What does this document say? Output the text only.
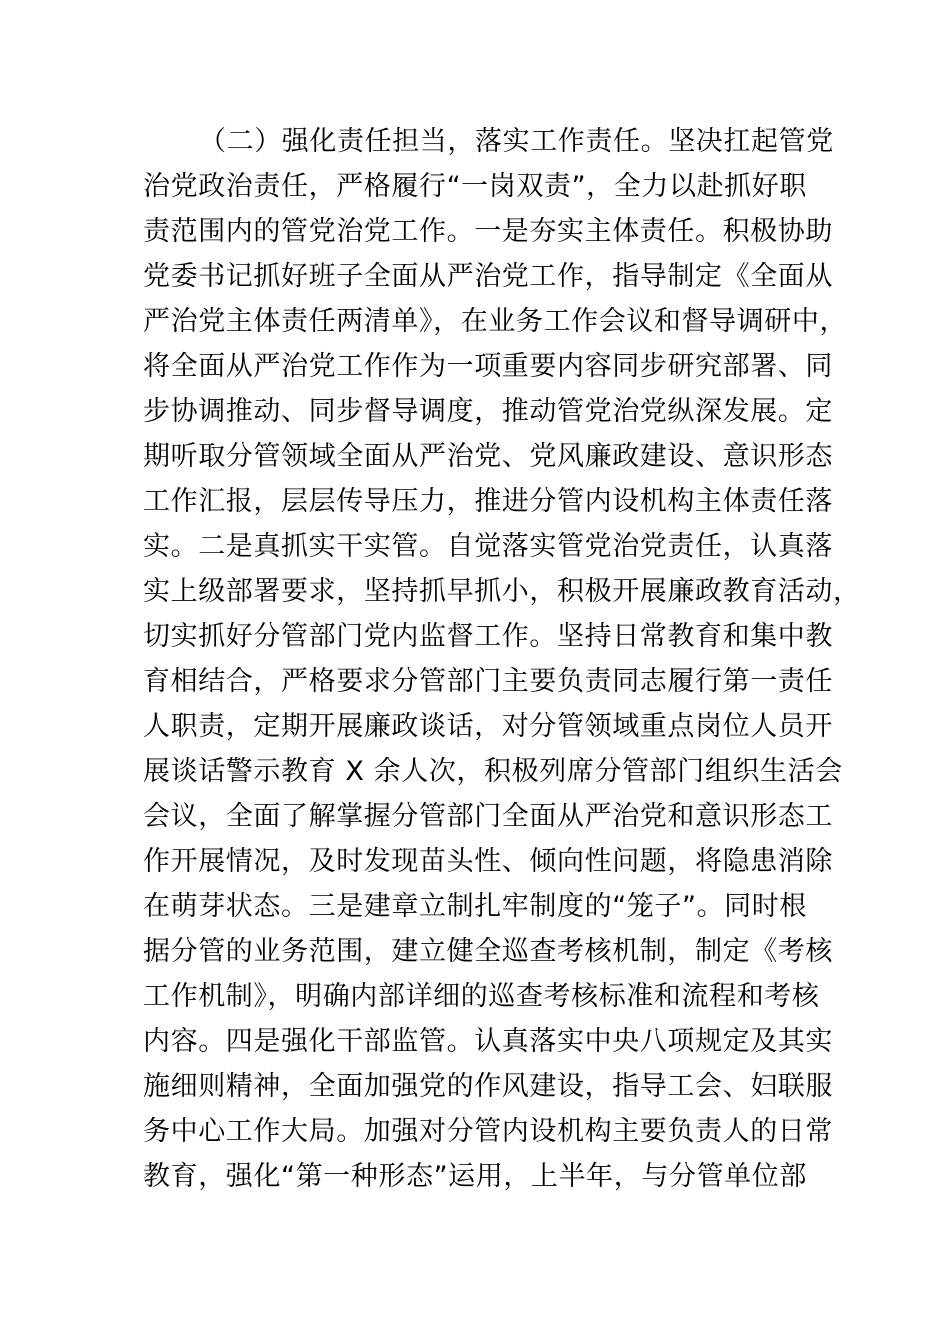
（二）强化责任担当，落实工作责任。坚决扛起管党
治党政治责任，严格履行“一岗双责”，全力以赴抓好职
责范围内的管党治党工作。一是夯实主体责任。积极协助
党委书记抓好班子全面从严治党工作，指导制定《全面从
严治党主体责任两清单》，在业务工作会议和督导调研中，
将全面从严治党工作作为一项重要内容同步研究部署、同
步协调推动、同步督导调度，推动管党治党纵深发展。定
期听取分管领域全面从严治党、党风廉政建设、意识形态
工作汇报，层层传导压力，推进分管内设机构主体责任落
实。二是真抓实干实管。自觉落实管党治党责任，认真落
实上级部署要求，坚持抓早抓小，积极开展廉政教育活动，
切实抓好分管部门党内监督工作。坚持日常教育和集中教
育相结合，严格要求分管部门主要负责同志履行第一责任
人职责，定期开展廉政谈话，对分管领域重点岗位人员开
展谈话警示教育 X 余人次，积极列席分管部门组织生活会
会议，全面了解掌握分管部门全面从严治党和意识形态工
作开展情况，及时发现苗头性、倾向性问题，将隐患消除
在萌芽状态。三是建章立制扎牢制度的“笼子”。同时根
据分管的业务范围，建立健全巡查考核机制，制定《考核
工作机制》，明确内部详细的巡查考核标准和流程和考核
内容。四是强化干部监管。认真落实中央八项规定及其实
施细则精神，全面加强党的作风建设，指导工会、妇联服
务中心工作大局。加强对分管内设机构主要负责人的日常
教育，强化“第一种形态”运用，上半年，与分管单位部
